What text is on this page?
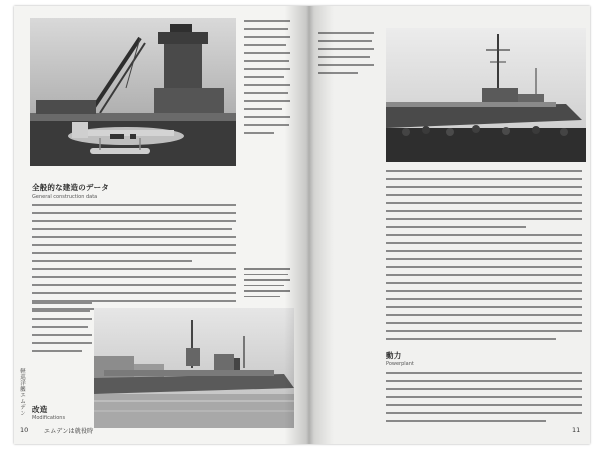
全般的な建造のデータ
General construction data
軽巡洋艦エムデン 改造
Modifications
エムデンは就役時
10
動力
Powerplant
11
